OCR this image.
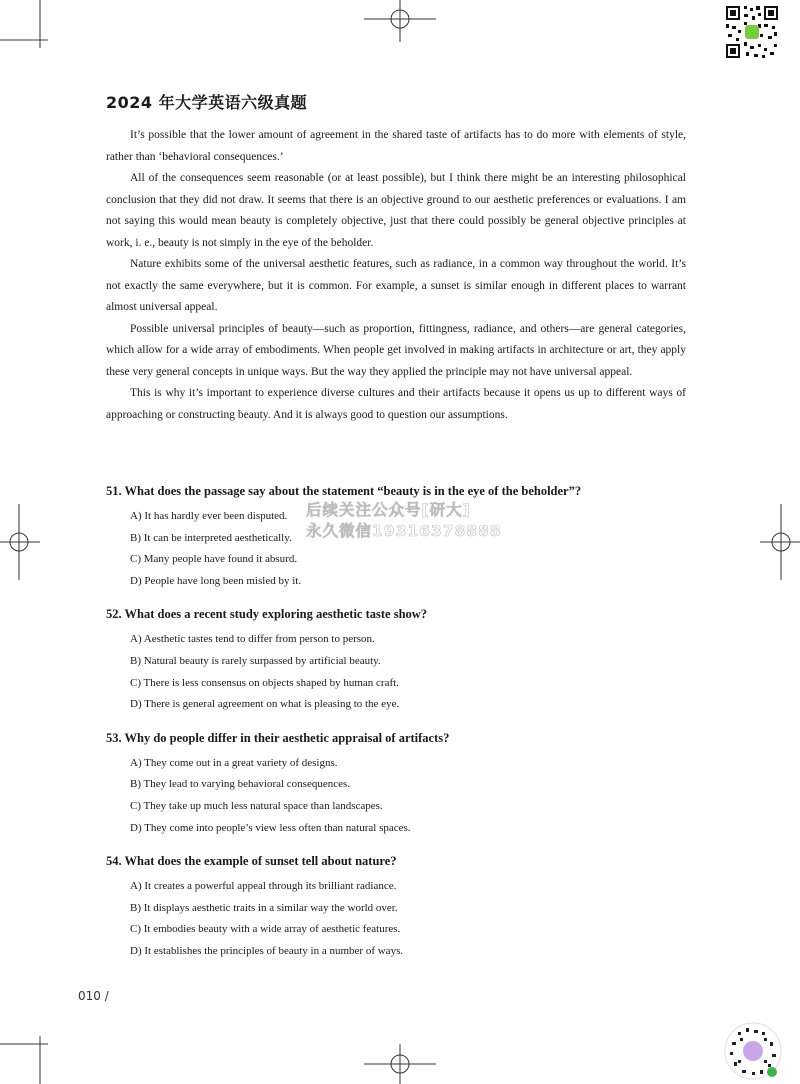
2024 年大学英语六级真题

It’s possible that the lower amount of agreement in the shared taste of artifacts has to do more with elements of style, rather than ‘behavioral consequences.’

All of the consequences seem reasonable (or at least possible), but I think there might be an interesting philosophical conclusion that they did not draw. It seems that there is an objective ground to our aesthetic preferences or evaluations. I am not saying this would mean beauty is completely objective, just that there could possibly be general objective principles at work, i. e., beauty is not simply in the eye of the beholder.

Nature exhibits some of the universal aesthetic features, such as radiance, in a common way throughout the world. It’s not exactly the same everywhere, but it is common. For example, a sunset is similar enough in different places to warrant almost universal appeal.

Possible universal principles of beauty—such as proportion, fittingness, radiance, and others—are general categories, which allow for a wide array of embodiments. When people get involved in making artifacts in architecture or art, they apply these very general concepts in unique ways. But the way they applied the principle may not have universal appeal.

This is why it’s important to experience diverse cultures and their artifacts because it opens us up to different ways of approaching or constructing beauty. And it is always good to question our assumptions.

51. What does the passage say about the statement “beauty is in the eye of the beholder”?
A) It has hardly ever been disputed.
B) It can be interpreted aesthetically.
C) Many people have found it absurd.
D) People have long been misled by it.
52. What does a recent study exploring aesthetic taste show?
A) Aesthetic tastes tend to differ from person to person.
B) Natural beauty is rarely surpassed by artificial beauty.
C) There is less consensus on objects shaped by human craft.
D) There is general agreement on what is pleasing to the eye.
53. Why do people differ in their aesthetic appraisal of artifacts?
A) They come out in a great variety of designs.
B) They lead to varying behavioral consequences.
C) They take up much less natural space than landscapes.
D) They come into people’s view less often than natural spaces.
54. What does the example of sunset tell about nature?
A) It creates a powerful appeal through its brilliant radiance.
B) It displays aesthetic traits in a similar way the world over.
C) It embodies beauty with a wide array of aesthetic features.
D) It establishes the principles of beauty in a number of ways.
后续关注公众号[研大]
永久微信19316378888
010 /
